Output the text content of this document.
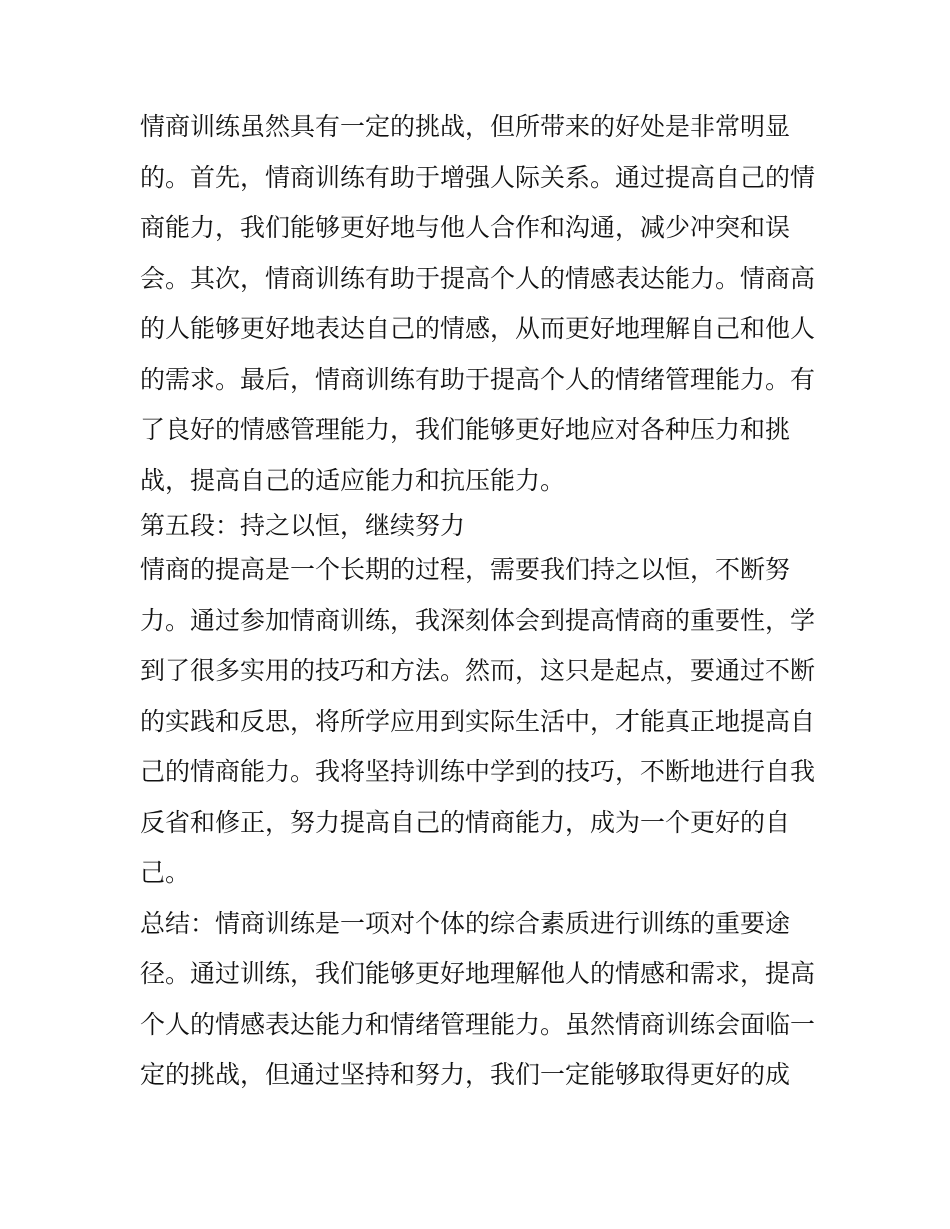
情商训练虽然具有一定的挑战，但所带来的好处是非常明显
的。首先，情商训练有助于增强人际关系。通过提高自己的情
商能力，我们能够更好地与他人合作和沟通，减少冲突和误
会。其次，情商训练有助于提高个人的情感表达能力。情商高
的人能够更好地表达自己的情感，从而更好地理解自己和他人
的需求。最后，情商训练有助于提高个人的情绪管理能力。有
了良好的情感管理能力，我们能够更好地应对各种压力和挑
战，提高自己的适应能力和抗压能力。
第五段：持之以恒，继续努力
情商的提高是一个长期的过程，需要我们持之以恒，不断努
力。通过参加情商训练，我深刻体会到提高情商的重要性，学
到了很多实用的技巧和方法。然而，这只是起点，要通过不断
的实践和反思，将所学应用到实际生活中，才能真正地提高自
己的情商能力。我将坚持训练中学到的技巧，不断地进行自我
反省和修正，努力提高自己的情商能力，成为一个更好的自
己。
总结：情商训练是一项对个体的综合素质进行训练的重要途
径。通过训练，我们能够更好地理解他人的情感和需求，提高
个人的情感表达能力和情绪管理能力。虽然情商训练会面临一
定的挑战，但通过坚持和努力，我们一定能够取得更好的成
